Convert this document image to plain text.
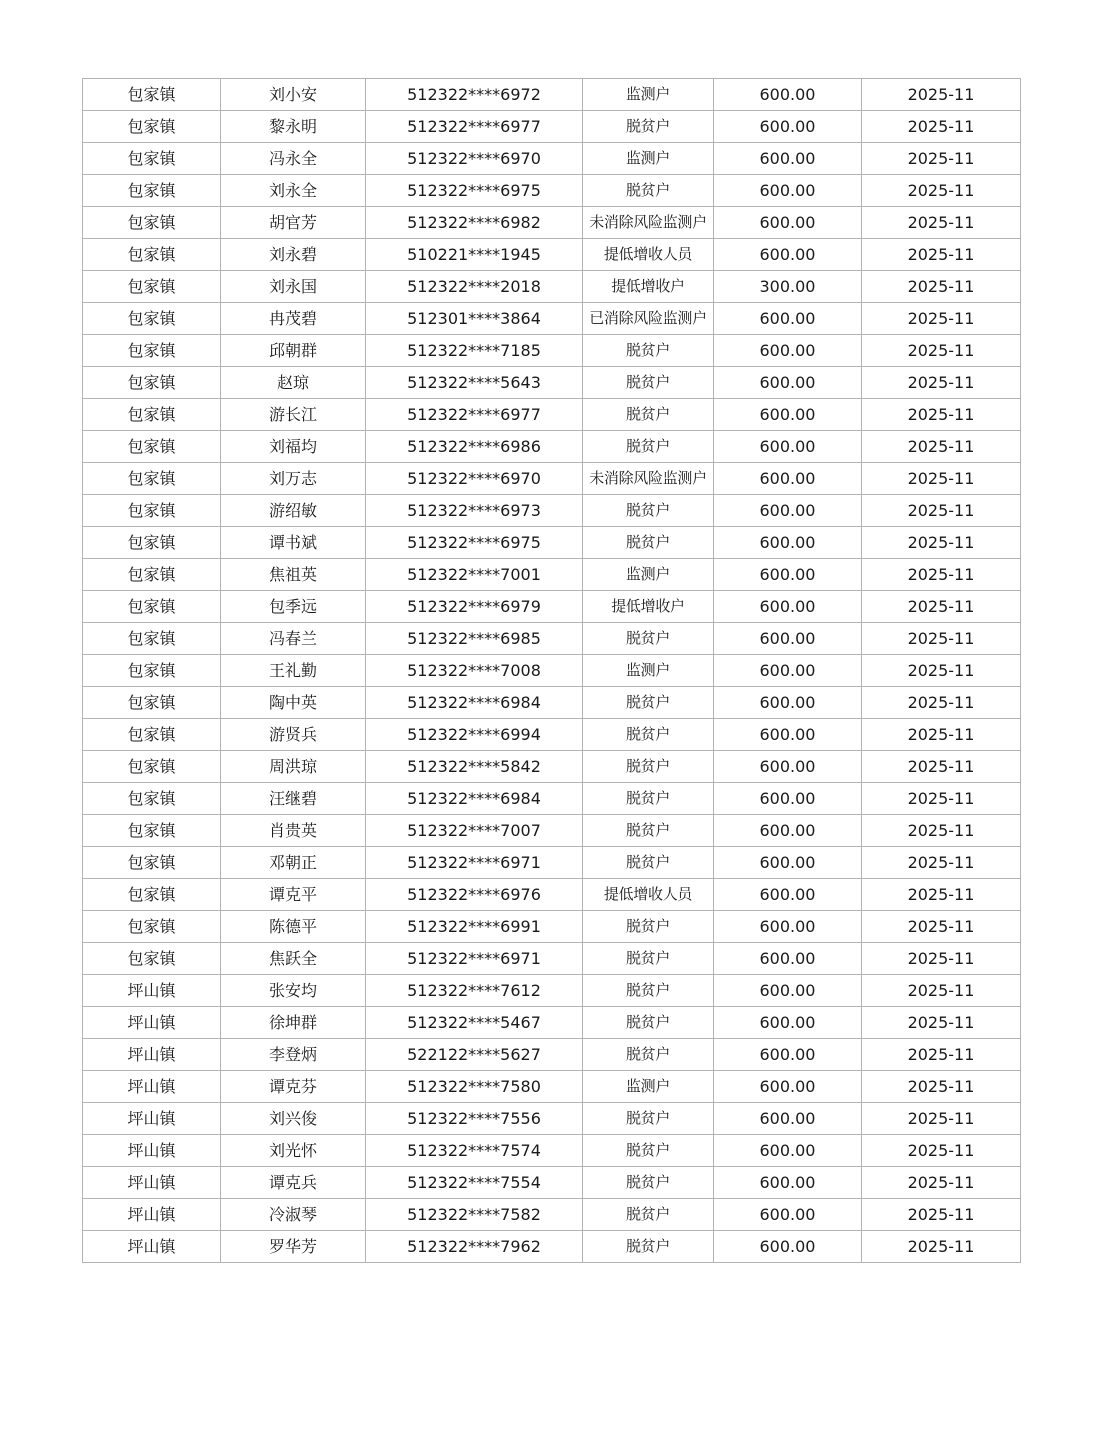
包家镇	刘小安	512322****6972	监测户	600.00	2025-11
包家镇	黎永明	512322****6977	脱贫户	600.00	2025-11
包家镇	冯永全	512322****6970	监测户	600.00	2025-11
包家镇	刘永全	512322****6975	脱贫户	600.00	2025-11
包家镇	胡官芳	512322****6982	未消除风险监测户	600.00	2025-11
包家镇	刘永碧	510221****1945	提低增收人员	600.00	2025-11
包家镇	刘永国	512322****2018	提低增收户	300.00	2025-11
包家镇	冉茂碧	512301****3864	已消除风险监测户	600.00	2025-11
包家镇	邱朝群	512322****7185	脱贫户	600.00	2025-11
包家镇	赵琼	512322****5643	脱贫户	600.00	2025-11
包家镇	游长江	512322****6977	脱贫户	600.00	2025-11
包家镇	刘福均	512322****6986	脱贫户	600.00	2025-11
包家镇	刘万志	512322****6970	未消除风险监测户	600.00	2025-11
包家镇	游绍敏	512322****6973	脱贫户	600.00	2025-11
包家镇	谭书斌	512322****6975	脱贫户	600.00	2025-11
包家镇	焦祖英	512322****7001	监测户	600.00	2025-11
包家镇	包季远	512322****6979	提低增收户	600.00	2025-11
包家镇	冯春兰	512322****6985	脱贫户	600.00	2025-11
包家镇	王礼勤	512322****7008	监测户	600.00	2025-11
包家镇	陶中英	512322****6984	脱贫户	600.00	2025-11
包家镇	游贤兵	512322****6994	脱贫户	600.00	2025-11
包家镇	周洪琼	512322****5842	脱贫户	600.00	2025-11
包家镇	汪继碧	512322****6984	脱贫户	600.00	2025-11
包家镇	肖贵英	512322****7007	脱贫户	600.00	2025-11
包家镇	邓朝正	512322****6971	脱贫户	600.00	2025-11
包家镇	谭克平	512322****6976	提低增收人员	600.00	2025-11
包家镇	陈德平	512322****6991	脱贫户	600.00	2025-11
包家镇	焦跃全	512322****6971	脱贫户	600.00	2025-11
坪山镇	张安均	512322****7612	脱贫户	600.00	2025-11
坪山镇	徐坤群	512322****5467	脱贫户	600.00	2025-11
坪山镇	李登炳	522122****5627	脱贫户	600.00	2025-11
坪山镇	谭克芬	512322****7580	监测户	600.00	2025-11
坪山镇	刘兴俊	512322****7556	脱贫户	600.00	2025-11
坪山镇	刘光怀	512322****7574	脱贫户	600.00	2025-11
坪山镇	谭克兵	512322****7554	脱贫户	600.00	2025-11
坪山镇	冷淑琴	512322****7582	脱贫户	600.00	2025-11
坪山镇	罗华芳	512322****7962	脱贫户	600.00	2025-11
